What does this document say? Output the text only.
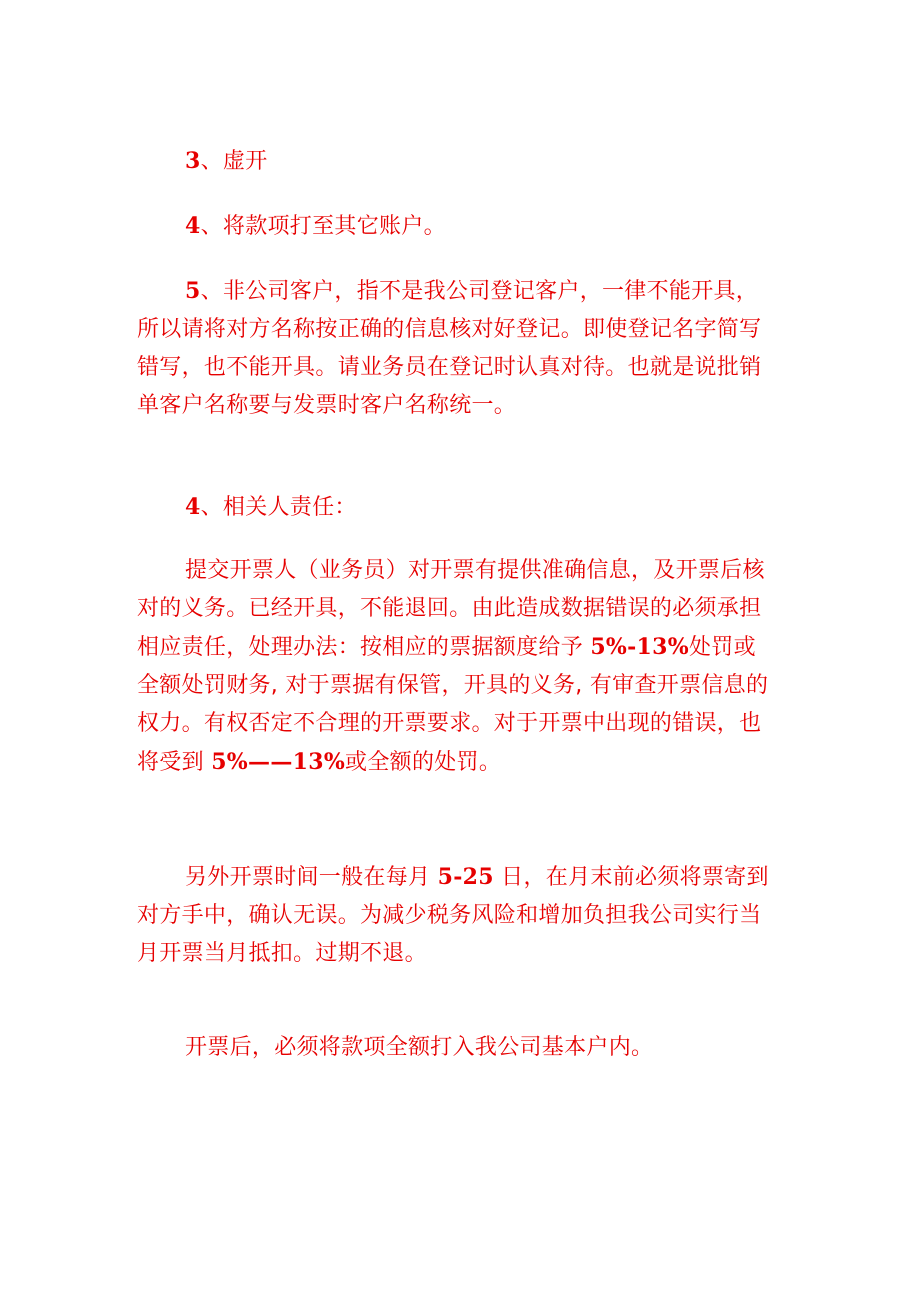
3、虚开

4、将款项打至其它账户。

5、非公司客户，指不是我公司登记客户，一律不能开具，
所以请将对方名称按正确的信息核对好登记。即使登记名字简写
错写，也不能开具。请业务员在登记时认真对待。也就是说批销
单客户名称要与发票时客户名称统一。

4、相关人责任：

提交开票人（业务员）对开票有提供准确信息，及开票后核
对的义务。已经开具，不能退回。由此造成数据错误的必须承担
相应责任，处理办法：按相应的票据额度给予 5%-13%处罚或
全额处罚财务, 对于票据有保管，开具的义务, 有审查开票信息的
权力。有权否定不合理的开票要求。对于开票中出现的错误，也
将受到 5%——13%或全额的处罚。

另外开票时间一般在每月 5-25 日，在月末前必须将票寄到
对方手中，确认无误。为减少税务风险和增加负担我公司实行当
月开票当月抵扣。过期不退。

开票后，必须将款项全额打入我公司基本户内。
